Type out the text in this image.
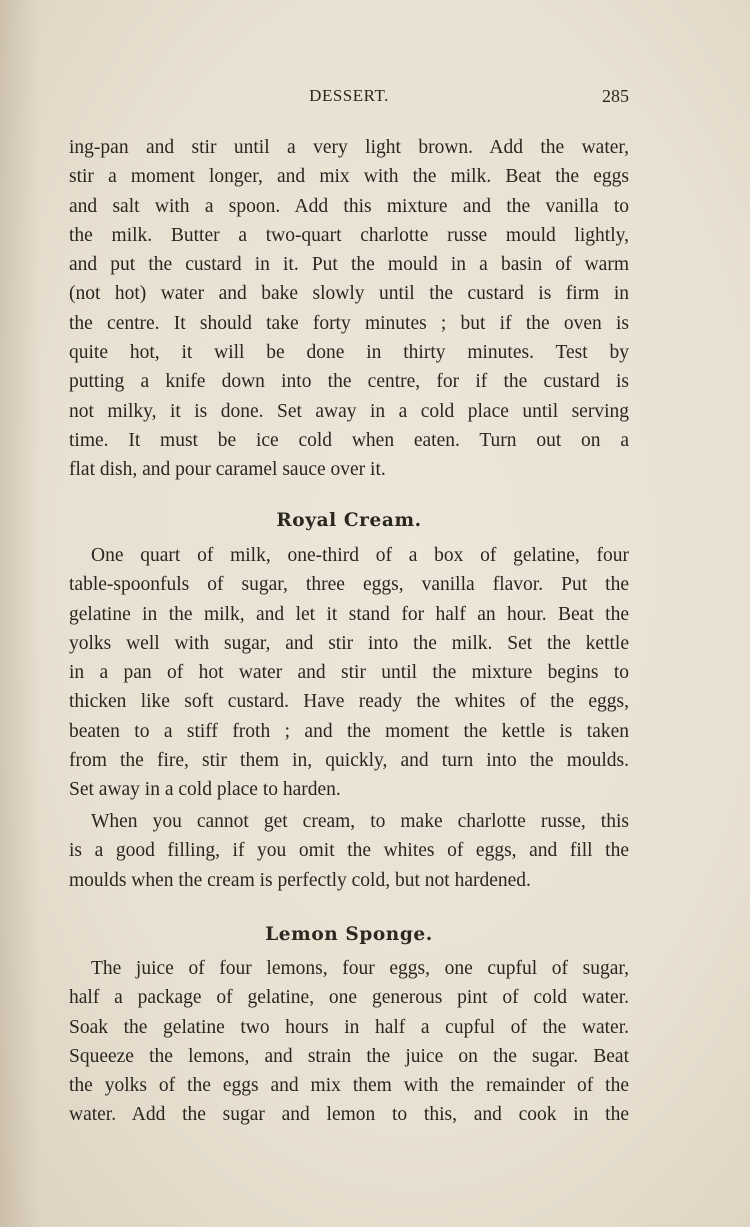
DESSERT.	285
ing-pan and stir until a very light brown. Add the water,
stir a moment longer, and mix with the milk. Beat the eggs
and salt with a spoon. Add this mixture and the vanilla to
the milk. Butter a two-quart charlotte russe mould lightly,
and put the custard in it. Put the mould in a basin of warm
(not hot) water and bake slowly until the custard is firm in
the centre. It should take forty minutes ; but if the oven is
quite hot, it will be done in thirty minutes. Test by
putting a knife down into the centre, for if the custard is
not milky, it is done. Set away in a cold place until serving
time. It must be ice cold when eaten. Turn out on a
flat dish, and pour caramel sauce over it.
Royal Cream.
One quart of milk, one-third of a box of gelatine, four
table-spoonfuls of sugar, three eggs, vanilla flavor. Put the
gelatine in the milk, and let it stand for half an hour. Beat the
yolks well with sugar, and stir into the milk. Set the kettle
in a pan of hot water and stir until the mixture begins to
thicken like soft custard. Have ready the whites of the eggs,
beaten to a stiff froth ; and the moment the kettle is taken
from the fire, stir them in, quickly, and turn into the moulds.
Set away in a cold place to harden.
When you cannot get cream, to make charlotte russe, this
is a good filling, if you omit the whites of eggs, and fill the
moulds when the cream is perfectly cold, but not hardened.
Lemon Sponge.
The juice of four lemons, four eggs, one cupful of sugar,
half a package of gelatine, one generous pint of cold water.
Soak the gelatine two hours in half a cupful of the water.
Squeeze the lemons, and strain the juice on the sugar. Beat
the yolks of the eggs and mix them with the remainder of the
water. Add the sugar and lemon to this, and cook in the
